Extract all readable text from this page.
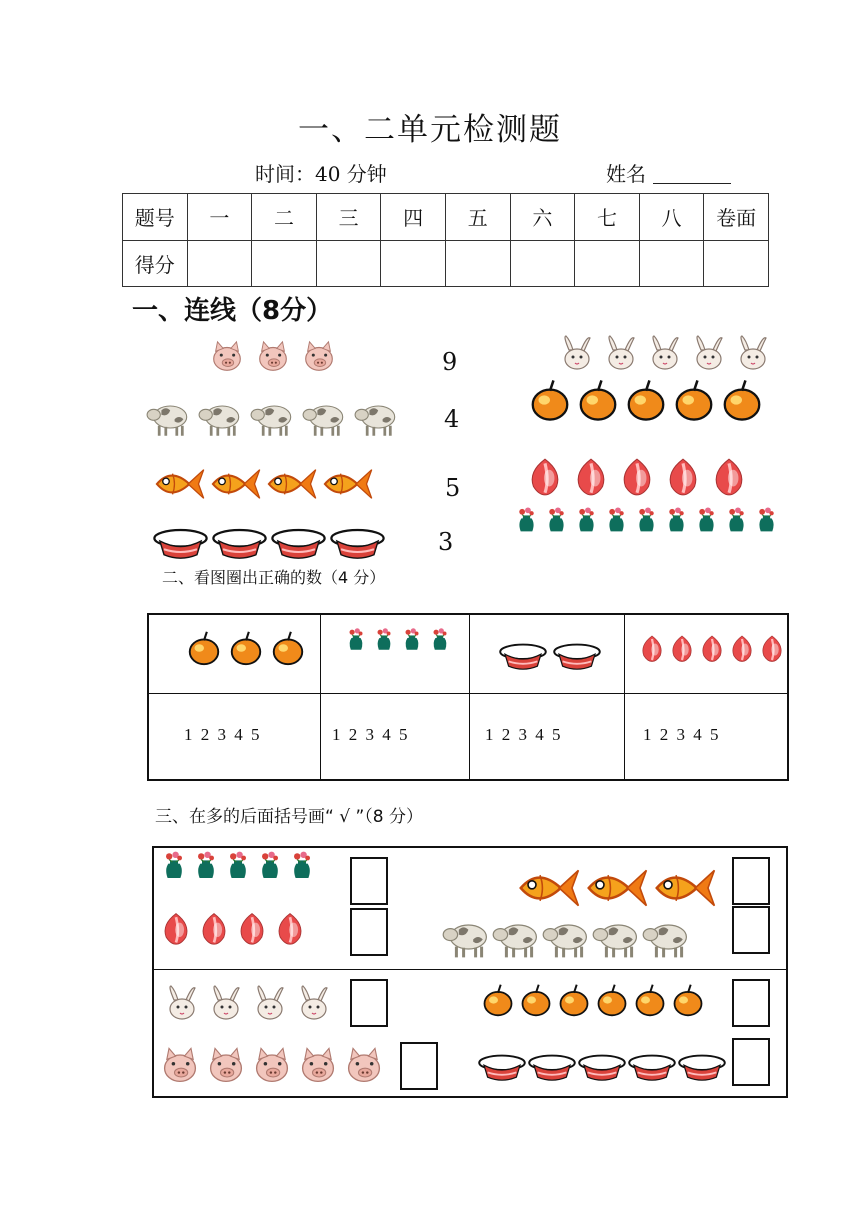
一、二单元检测题
时间：40 分钟	姓名
题号	一	二	三	四	五	六	七	八	卷面
得分									
一、连线（8分）
9
4
5
3
二、看图圈出正确的数（4 分）
1 2 3 4 5	1 2 3 4 5	1 2 3 4 5	1 2 3 4 5
三、在多的后面括号画“ √ ”（8 分）
